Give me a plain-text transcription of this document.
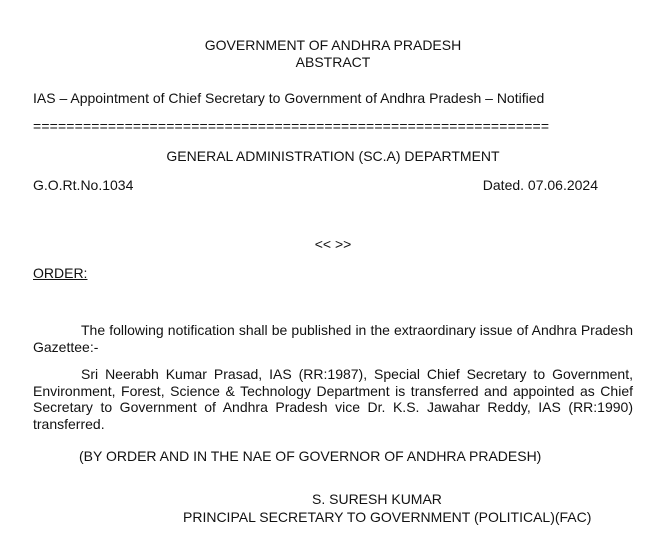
GOVERNMENT OF ANDHRA PRADESH
ABSTRACT
IAS – Appointment of Chief Secretary to Government of Andhra Pradesh – Notified
==============================================================
GENERAL ADMINISTRATION (SC.A) DEPARTMENT
G.O.Rt.No.1034	Dated. 07.06.2024
<< >>
ORDER:
The following notification shall be published in the extraordinary issue of Andhra Pradesh Gazettee:-
Sri Neerabh Kumar Prasad, IAS (RR:1987), Special Chief Secretary to Government, Environment, Forest, Science & Technology Department is transferred and appointed as Chief Secretary to Government of Andhra Pradesh vice Dr. K.S. Jawahar Reddy, IAS (RR:1990) transferred.
(BY ORDER AND IN THE NAE OF GOVERNOR OF ANDHRA PRADESH)
S. SURESH KUMAR
PRINCIPAL SECRETARY TO GOVERNMENT (POLITICAL)(FAC)
